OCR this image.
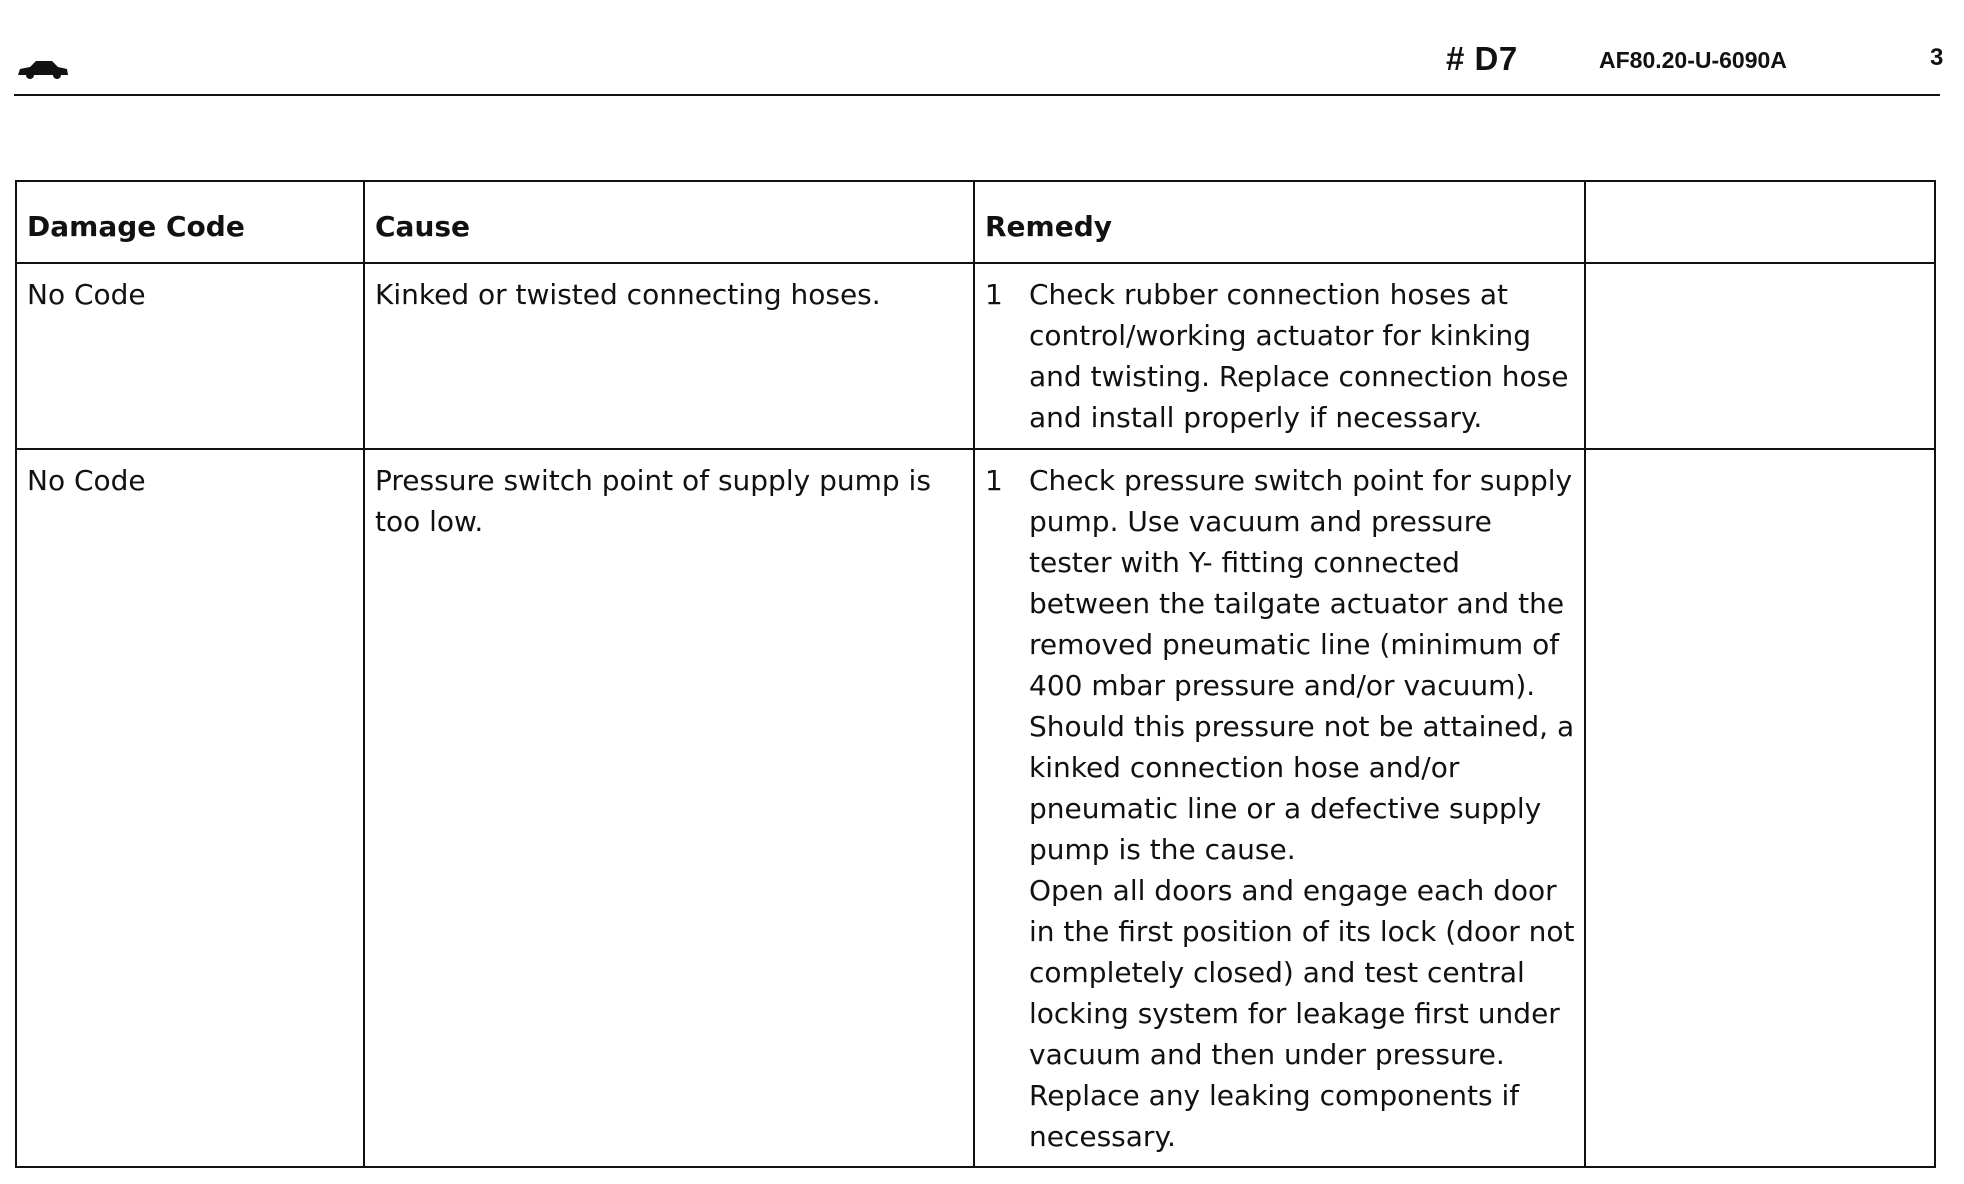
# D7	AF80.20-U-6090A	3
Damage Code	Cause	Remedy	
No Code	Kinked or twisted connecting hoses.	1 Check rubber connection hoses at control/working actuator for kinking and twisting. Replace connection hose and install properly if necessary.	

No Code	Pressure switch point of supply pump is too low.	1 Check pressure switch point for supply pump. Use vacuum and pressure tester with Y- fitting connected between the tailgate actuator and the removed pneumatic line (minimum of 400 mbar pressure and/or vacuum).

Should this pressure not be attained, a kinked connection hose and/or pneumatic line or a defective supply pump is the cause.

Open all doors and engage each door in the first position of its lock (door not completely closed) and test central locking system for leakage first under vacuum and then under pressure.

Replace any leaking components if necessary.	
